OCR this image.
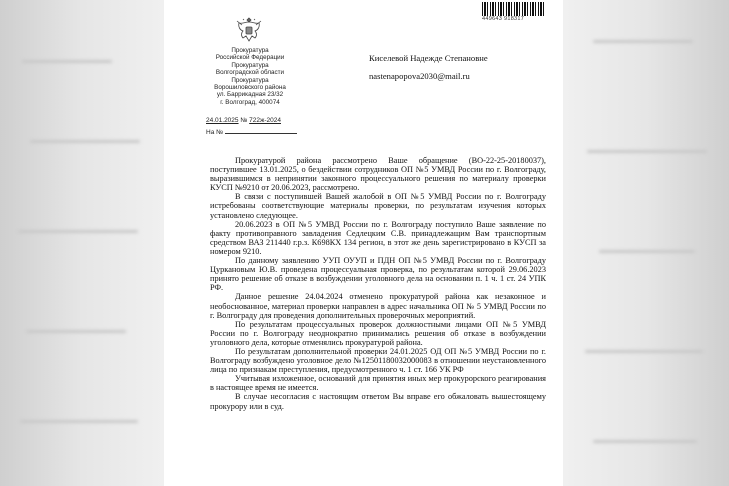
449643 918317
Прокуратура
Российской Федерации
Прокуратура
Волгоградской области
Прокуратура
Ворошиловского района
ул. Баррикадная 23/32
г. Волгоград, 400074
24.01.2025 № 722ж-2024
На №
Киселевой Надежде Степановне
nastenapopova2030@mail.ru

Прокуратурой района рассмотрено Ваше обращение (ВО-22-25-20180037), поступившее 13.01.2025, о бездействии сотрудников ОП №5 УМВД России по г. Волгограду, выразившимся в непринятии законного процессуального решения по материалу проверки КУСП №9210 от 20.06.2023, рассмотрено.

В связи с поступившей Вашей жалобой в ОП №5 УМВД России по г. Волгограду истребованы соответствующие материалы проверки, по результатам изучения которых установлено следующее.

20.06.2023 в ОП №5 УМВД России по г. Волгограду поступило Ваше заявление по факту противоправного завладения Седлецким С.В. принадлежащим Вам транспортным средством ВАЗ 211440 г.р.з. К698КХ 134 регион, в этот же день зарегистрировано в КУСП за номером 9210.

По данному заявлению УУП ОУУП и ПДН ОП №5 УМВД России по г. Волгограду Цуркановым Ю.В. проведена процессуальная проверка, по результатам которой 29.06.2023 принято решение об отказе в возбуждении уголовного дела на основании п. 1 ч. 1 ст. 24 УПК РФ.

Данное решение 24.04.2024 отменено прокуратурой района как незаконное и необоснованное, материал проверки направлен в адрес начальника ОП № 5 УМВД России по г. Волгограду для проведения дополнительных проверочных мероприятий.

По результатам процессуальных проверок должностными лицами ОП №5 УМВД России по г. Волгограду неоднократно принимались решения об отказе в возбуждении уголовного дела, которые отменялись прокуратурой района.

По результатам дополнительной проверки 24.01.2025 ОД ОП №5 УМВД России по г. Волгограду возбуждено уголовное дело №12501180032000083 в отношении неустановленного лица по признакам преступления, предусмотренного ч. 1 ст. 166 УК РФ

Учитывая изложенное, оснований для принятия иных мер прокурорского реагирования в настоящее время не имеется.

В случае несогласия с настоящим ответом Вы вправе его обжаловать вышестоящему прокурору или в суд.
